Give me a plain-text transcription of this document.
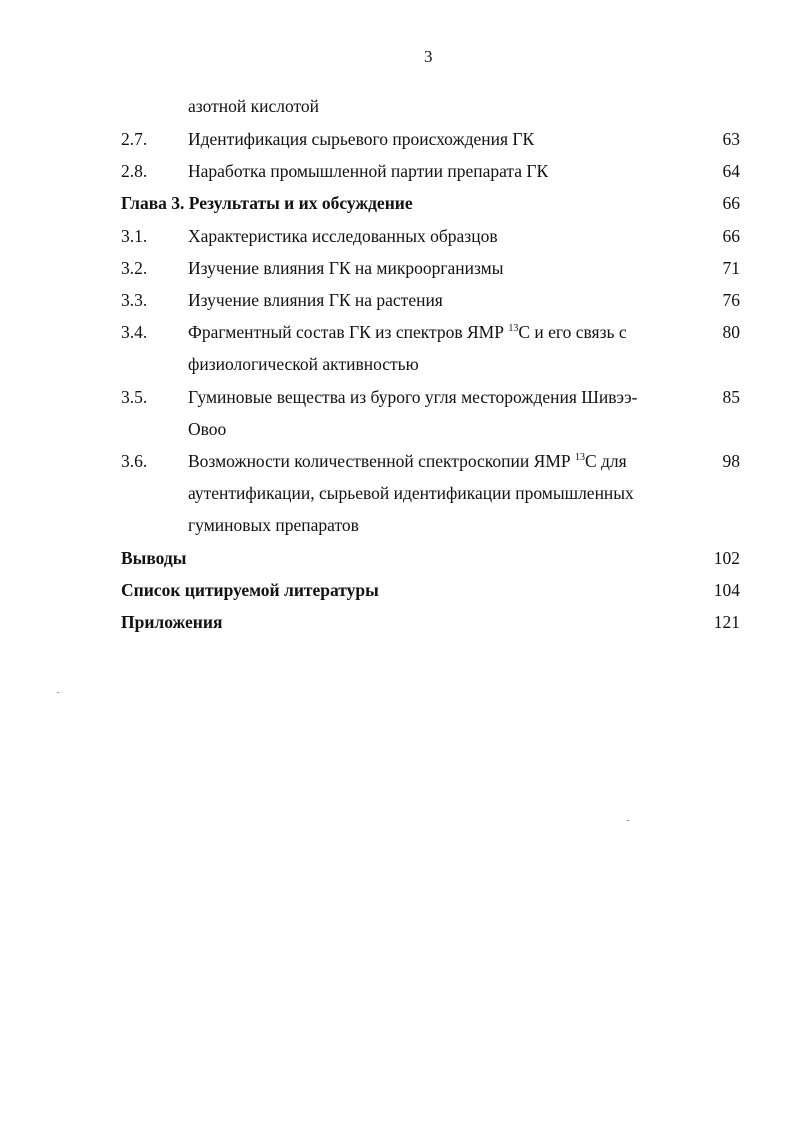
3
азотной кислотой
2.7. Идентификация сырьевого происхождения ГК	63
2.8. Наработка промышленной партии препарата ГК	64
Глава 3. Результаты и их обсуждение	66
3.1. Характеристика исследованных образцов	66
3.2. Изучение влияния ГК на микроорганизмы	71
3.3. Изучение влияния ГК на растения	76
3.4. Фрагментный состав ГК из спектров ЯМР $^{13}$С и его связь с	80
физиологической активностью
3.5. Гуминовые вещества из бурого угля месторождения Шивээ-	85
Овоо
3.6. Возможности количественной спектроскопии ЯМР $^{13}$С для	98
аутентификации, сырьевой идентификации промышленных
гуминовых препаратов
Выводы	102
Список цитируемой литературы	104
Приложения	121
